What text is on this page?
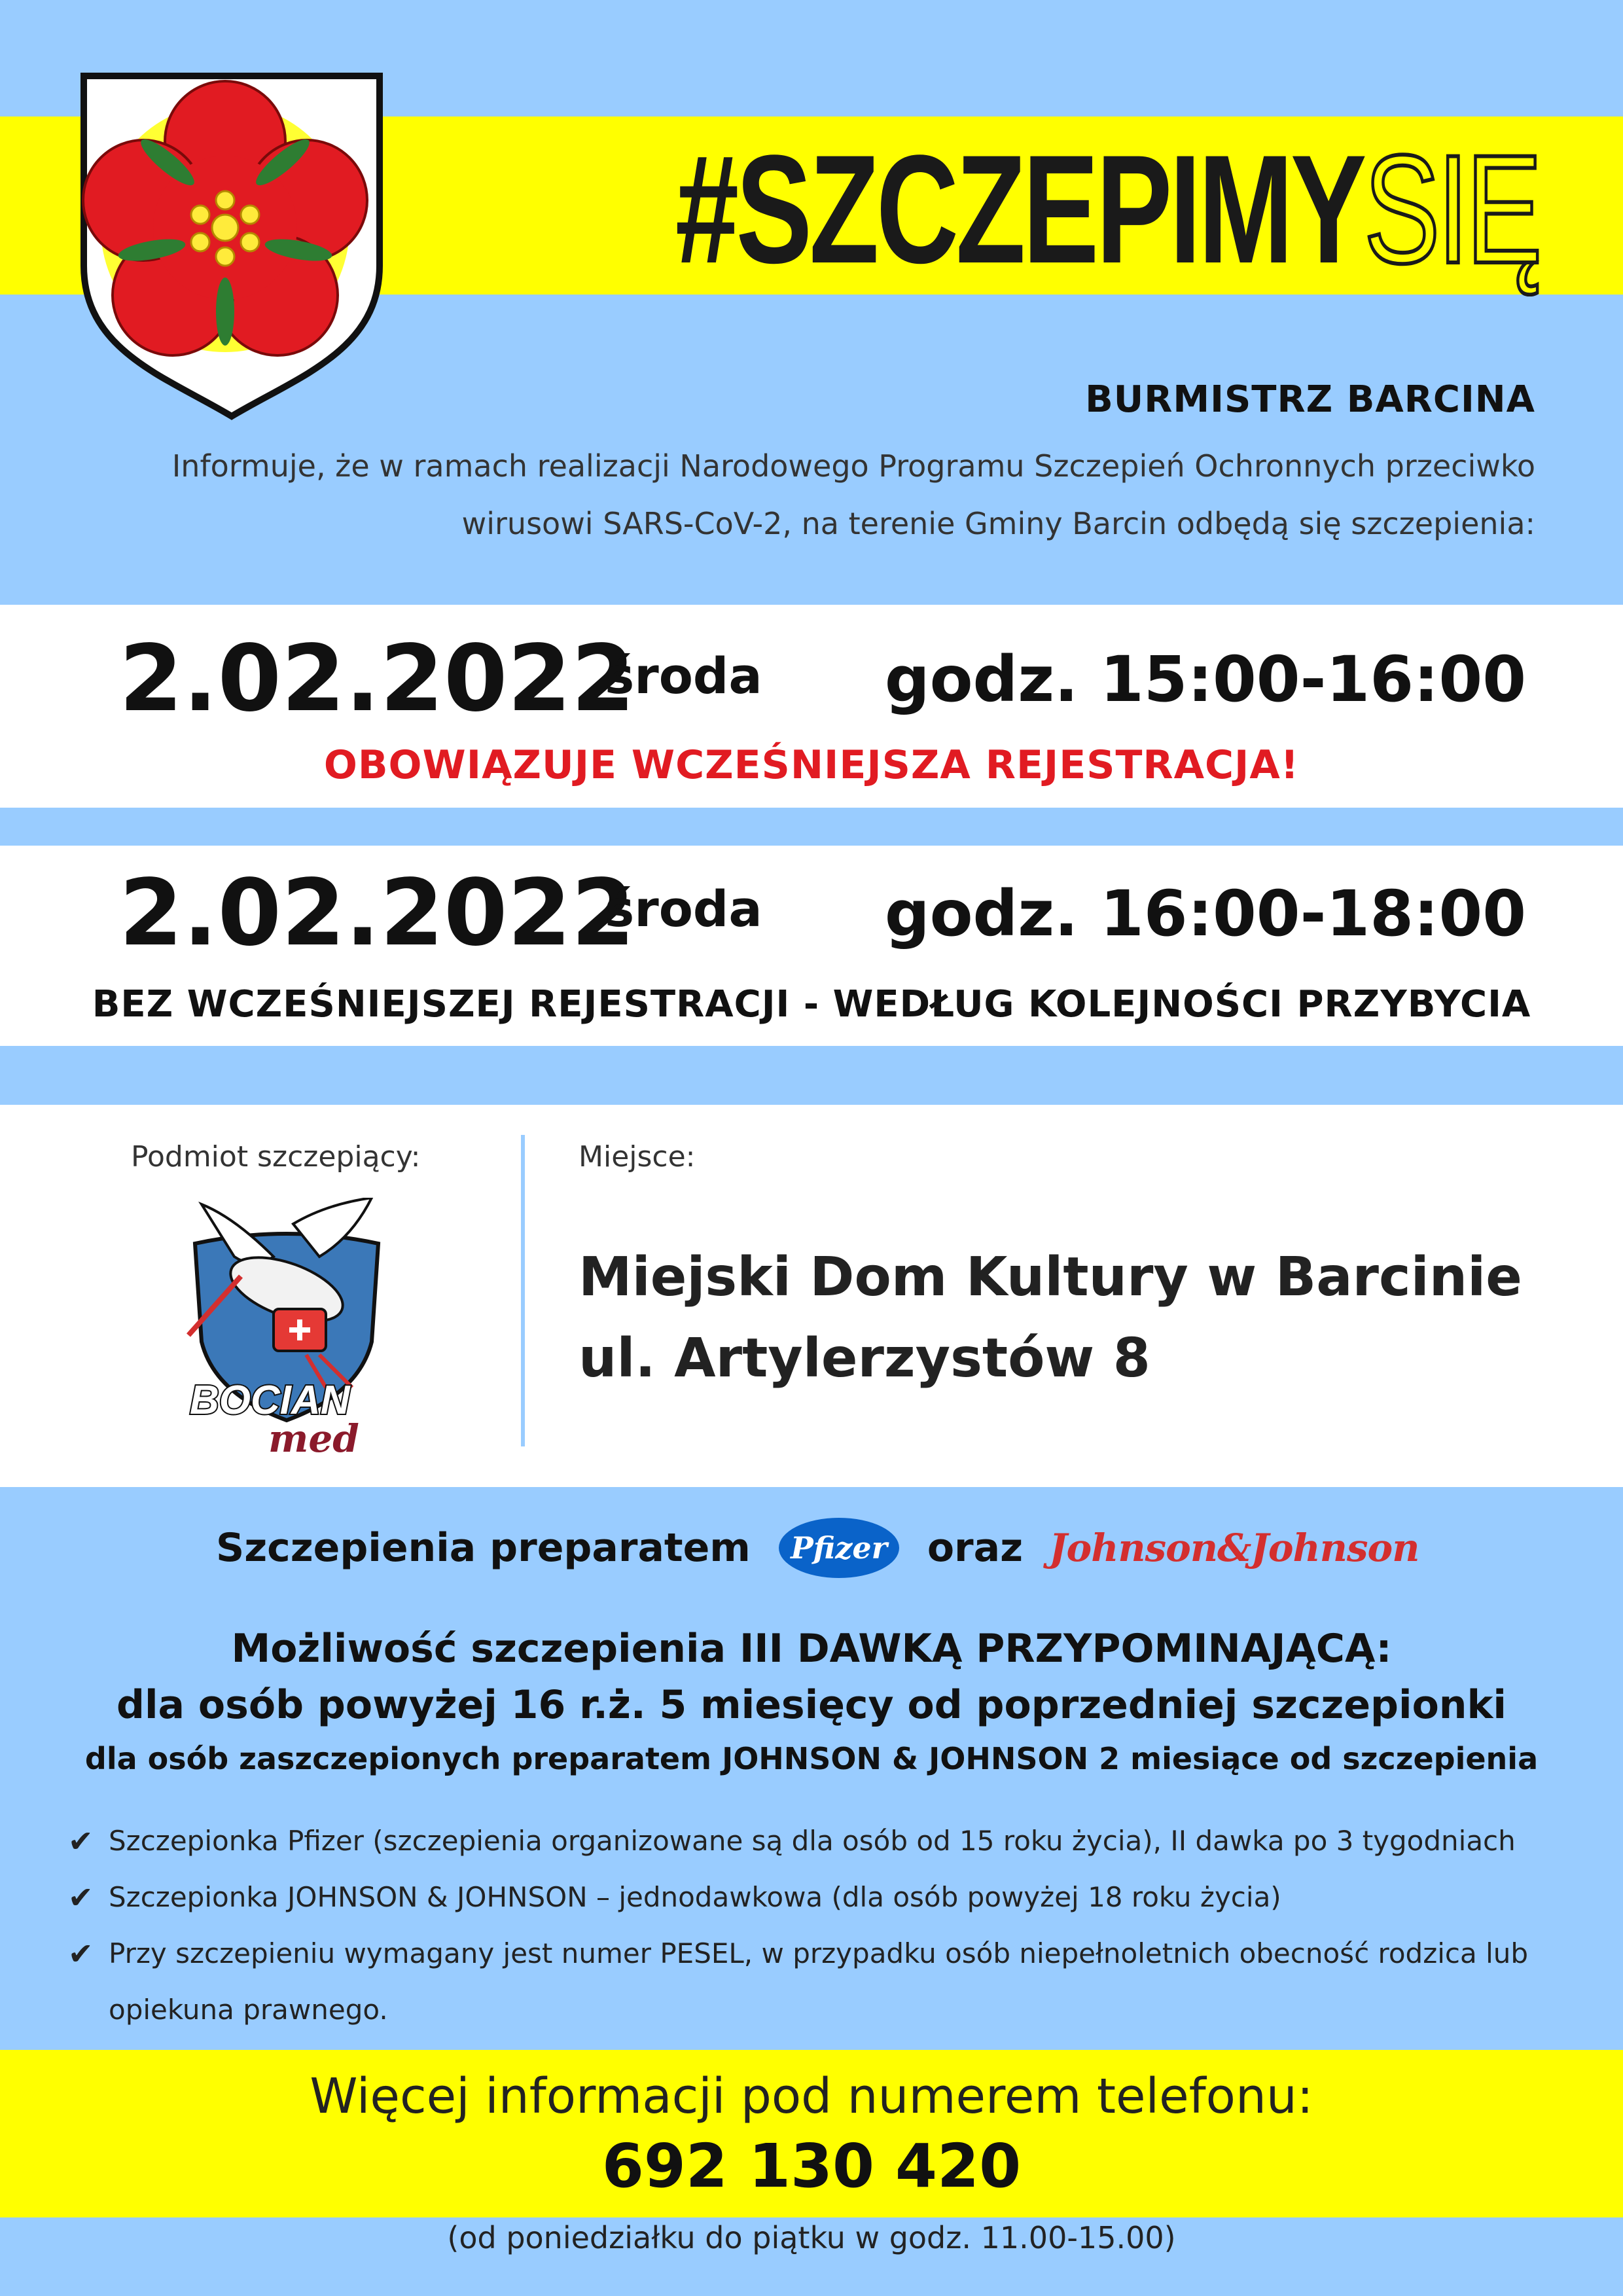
#SZCZEPIMYSIĘ
BURMISTRZ BARCINA
Informuje, że w ramach realizacji Narodowego Programu Szczepień Ochronnych przeciwko wirusowi SARS-CoV-2, na terenie Gminy Barcin odbędą się szczepienia:
2.02.2022
środa godz. 15:00-16:00
OBOWIĄZUJE WCZEŚNIEJSZA REJESTRACJA!
2.02.2022
środa godz. 16:00-18:00
BEZ WCZEŚNIEJSZEJ REJESTRACJI - WEDŁUG KOLEJNOŚCI PRZYBYCIA
Podmiot szczepiący:	Miejsce:
BOCIAN
med
Miejski Dom Kultury w Barcinie
ul. Artylerzystów 8
Szczepienia preparatem Pfizer oraz Johnson&Johnson
Możliwość szczepienia III DAWKĄ PRZYPOMINAJĄCĄ:
dla osób powyżej 16 r.ż. 5 miesięcy od poprzedniej szczepionki
dla osób zaszczepionych preparatem JOHNSON & JOHNSON 2 miesiące od szczepienia
✔ Szczepionka Pfizer (szczepienia organizowane są dla osób od 15 roku życia), II dawka po 3 tygodniach
✔ Szczepionka JOHNSON & JOHNSON – jednodawkowa (dla osób powyżej 18 roku życia)
✔ Przy szczepieniu wymagany jest numer PESEL, w przypadku osób niepełnoletnich obecność rodzica lub opiekuna prawnego.
Więcej informacji pod numerem telefonu:
692 130 420
(od poniedziałku do piątku w godz. 11.00-15.00)
